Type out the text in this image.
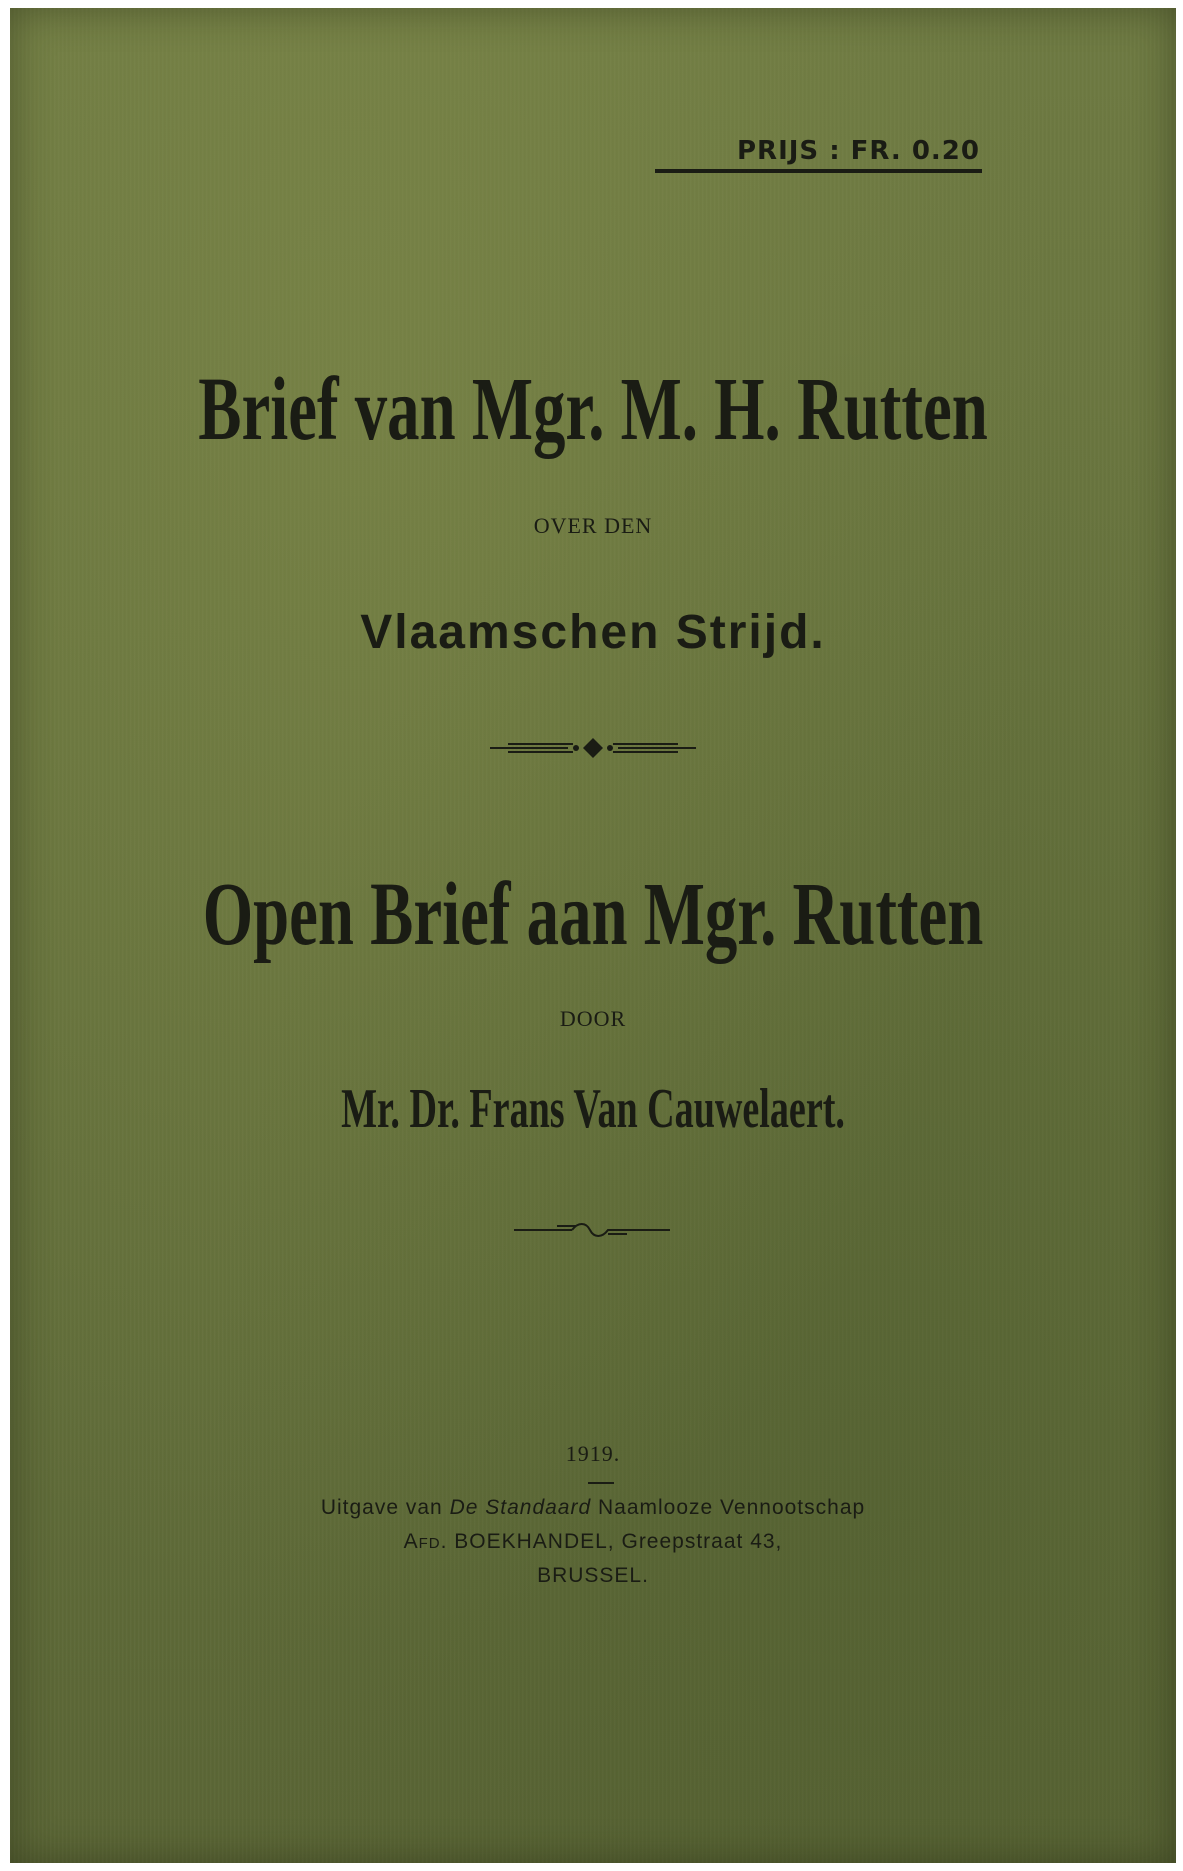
PRIJS : FR. 0.20
Brief van Mgr. M. H. Rutten
OVER DEN
Vlaamschen Strijd.
Open Brief aan Mgr. Rutten
DOOR
Mr. Dr. Frans Van Cauwelaert.
1919.
Uitgave van De Standaard Naamlooze Vennootschap
Afd. BOEKHANDEL, Greepstraat 43,
BRUSSEL.
